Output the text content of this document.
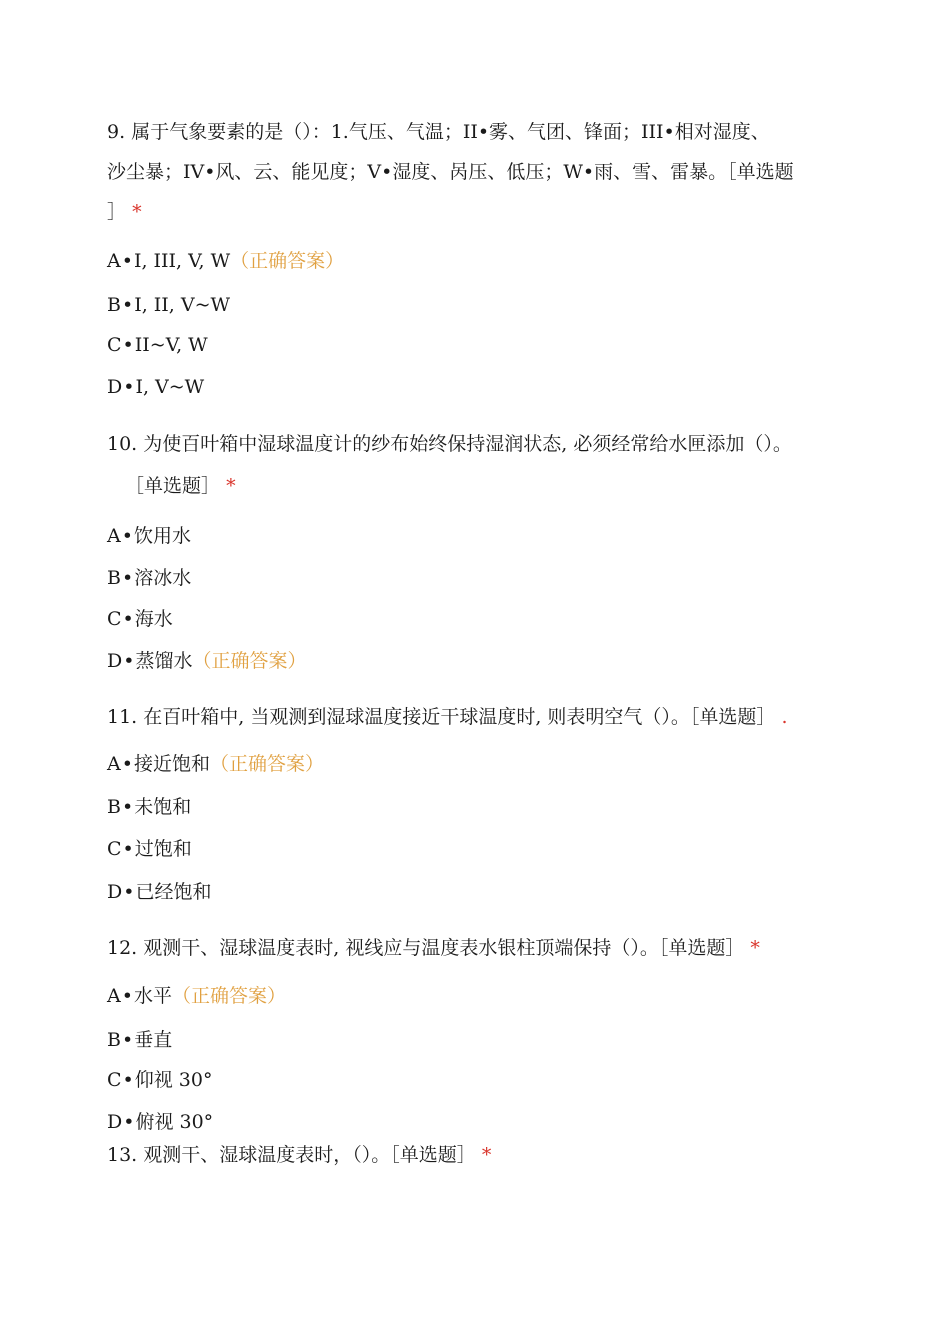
9. 属于气象要素的是（）：1.气压、气温；II•雾、气团、锋面；III•相对湿度、
沙尘暴；IV•风、云、能见度；V•湿度、呙压、低压；W•雨、雪、雷暴。［单选题
］ *
A•I, III, V, W（正确答案）
B•I, II, V~W
C•II~V, W
D•I, V~W
10. 为使百叶箱中湿球温度计的纱布始终保持湿润状态, 必须经常给水匣添加（）。
［单选题］ *
A•饮用水
B•溶冰水
C•海水
D•蒸馏水（正确答案）
11. 在百叶箱中, 当观测到湿球温度接近干球温度时, 则表明空气（）。［单选题］ .
A•接近饱和（正确答案）
B•未饱和
C•过饱和
D•已经饱和
12. 观测干、湿球温度表时, 视线应与温度表水银柱顶端保持（）。［单选题］ *
A•水平（正确答案）
B•垂直
C•仰视 30°
D•俯视 30°
13. 观测干、湿球温度表时，（）。［单选题］ *
